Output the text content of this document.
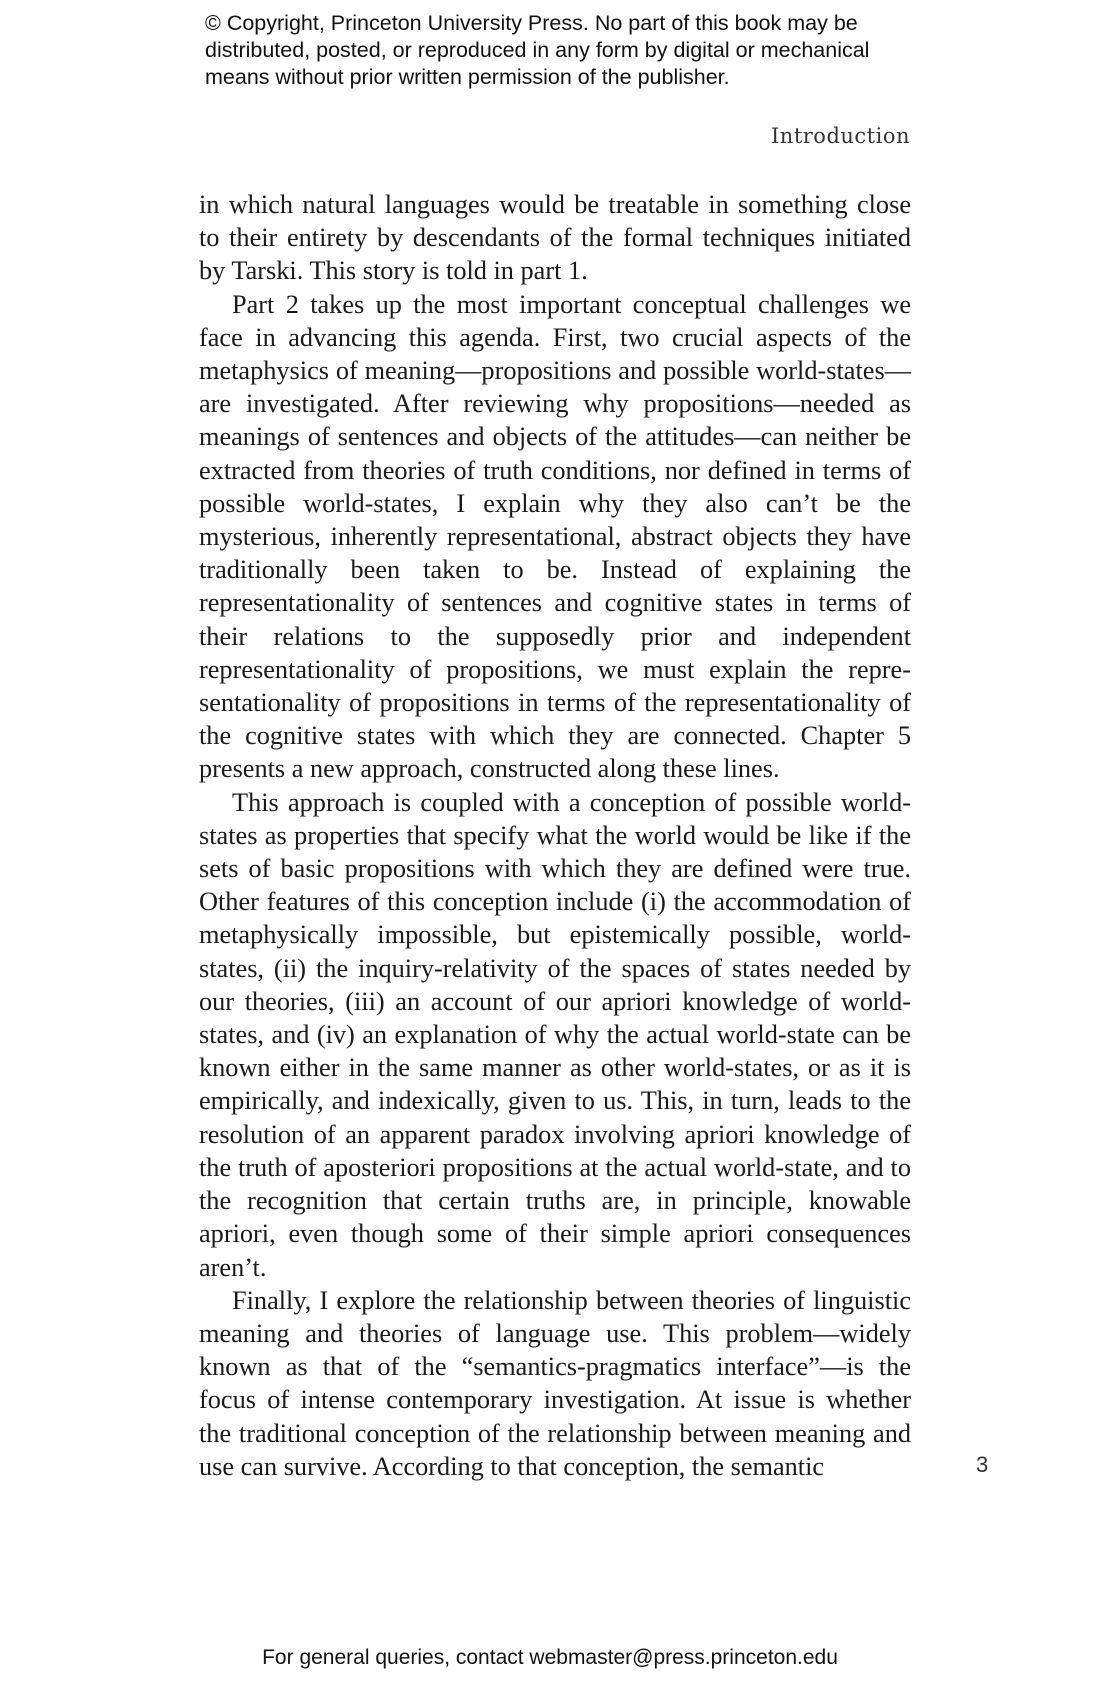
© Copyright, Princeton University Press. No part of this book may be
distributed, posted, or reproduced in any form by digital or mechanical
means without prior written permission of the publisher.
Introduction

in which natural languages would be treatable in something close to their entirety by descendants of the formal techniques initiated by Tarski. This story is told in part 1.

Part 2 takes up the most important conceptual challenges we face in advancing this agenda. First, two crucial aspects of the metaphysics of meaning—propositions and possible world-states—are investigated. After reviewing why propositions—needed as meanings of sentences and objects of the attitudes—can neither be extracted from theories of truth conditions, nor defined in terms of possible world-states, I explain why they also can’t be the mysterious, inherently representational, abstract objects they have traditionally been taken to be. Instead of explaining the representationality of sentences and cognitive states in terms of their relations to the supposedly prior and independent representationality of propositions, we must explain the representationality of propositions in terms of the representationality of the cognitive states with which they are connected. Chapter 5 presents a new approach, constructed along these lines.

This approach is coupled with a conception of possible world-states as properties that specify what the world would be like if the sets of basic propositions with which they are defined were true. Other features of this conception include (i) the accommodation of metaphysically impossible, but epistemically possible, world-states, (ii) the inquiry-relativity of the spaces of states needed by our theories, (iii) an account of our apriori knowledge of world-states, and (iv) an explanation of why the actual world-state can be known either in the same manner as other world-states, or as it is empirically, and indexically, given to us. This, in turn, leads to the resolution of an apparent paradox involving apriori knowledge of the truth of aposteriori propositions at the actual world-state, and to the recognition that certain truths are, in principle, knowable apriori, even though some of their simple apriori consequences aren’t.

Finally, I explore the relationship between theories of linguistic meaning and theories of language use. This problem—widely known as that of the “semantics-pragmatics interface”—is the focus of intense contemporary investigation. At issue is whether the traditional conception of the relationship between meaning and use can survive. According to that conception, the semantic	3
For general queries, contact webmaster@press.princeton.edu
